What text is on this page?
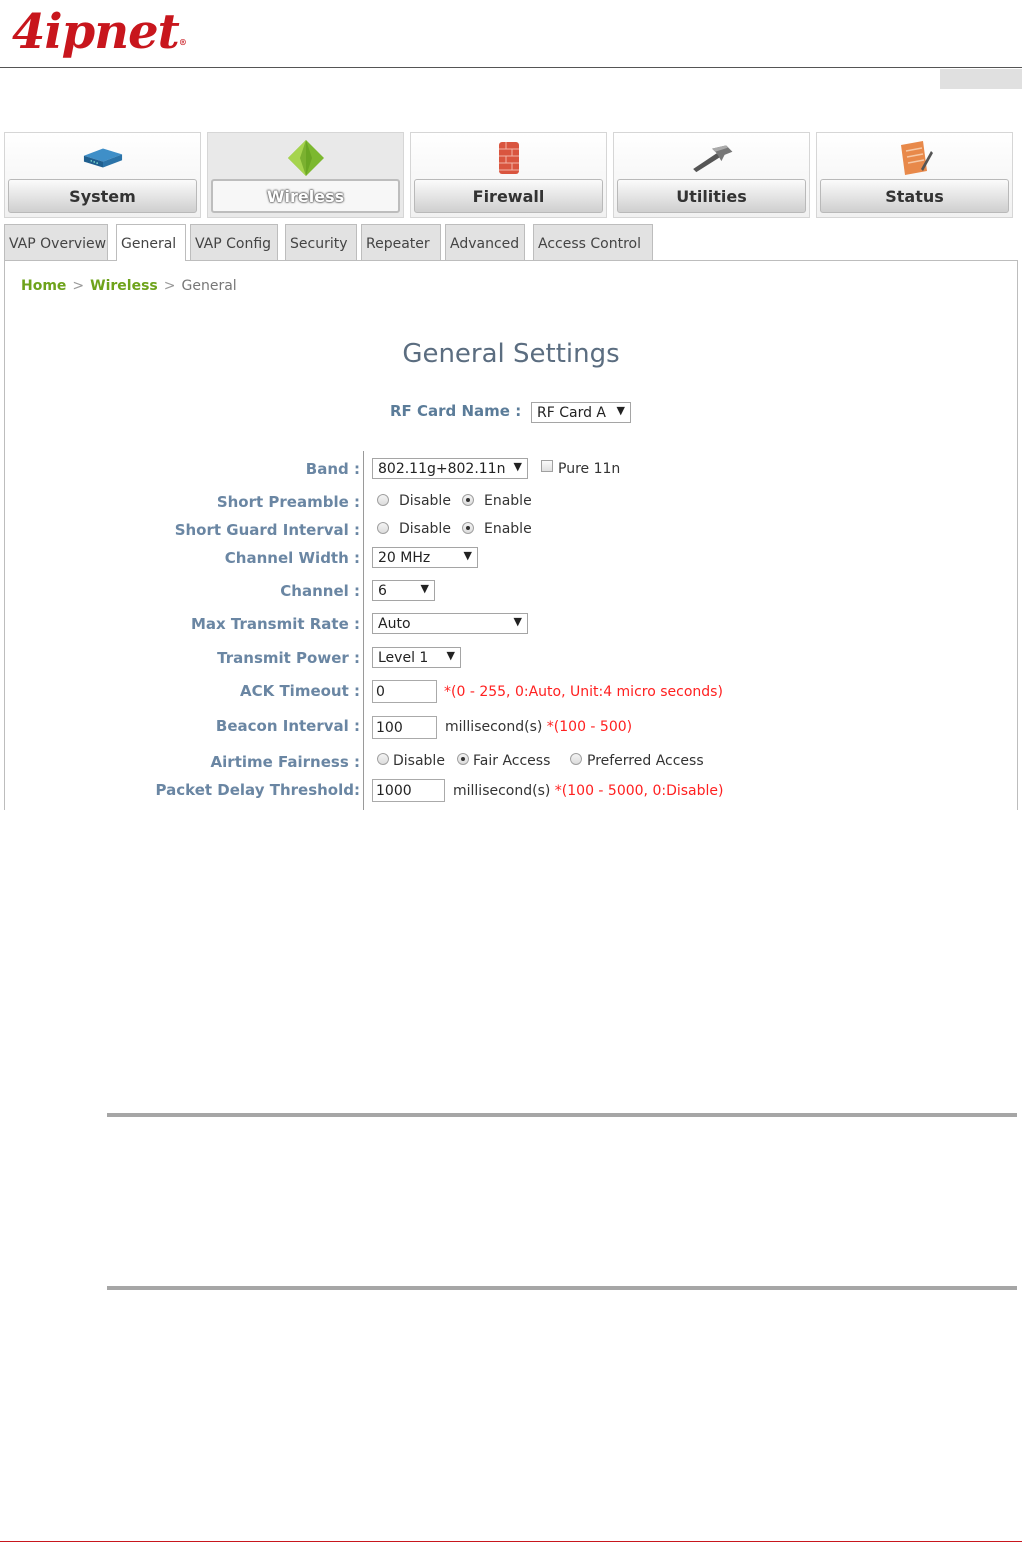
4ipnet®
System	Wireless	Firewall	Utilities	Status
VAP Overview	General	VAP Config	Security	Repeater	Advanced	Access Control
Home > Wireless > General
General Settings
RF Card Name :	RF Card A ▼
Band :	802.11g+802.11n ▼	Pure 11n
Short Preamble :	Disable Enable
Short Guard Interval :	Disable Enable
Channel Width :	20 MHz	▼
Channel :	6	▼
Max Transmit Rate :	Auto	▼
Transmit Power :	Level 1 ▼
ACK Timeout : 0	*(0 - 255, 0:Auto, Unit:4 micro seconds)
Beacon Interval : 100	millisecond(s) *(100 - 500)
Airtime Fairness : Disable Fair Access	Preferred Access
Packet Delay Threshold: 1000	millisecond(s) *(100 - 5000, 0:Disable)
